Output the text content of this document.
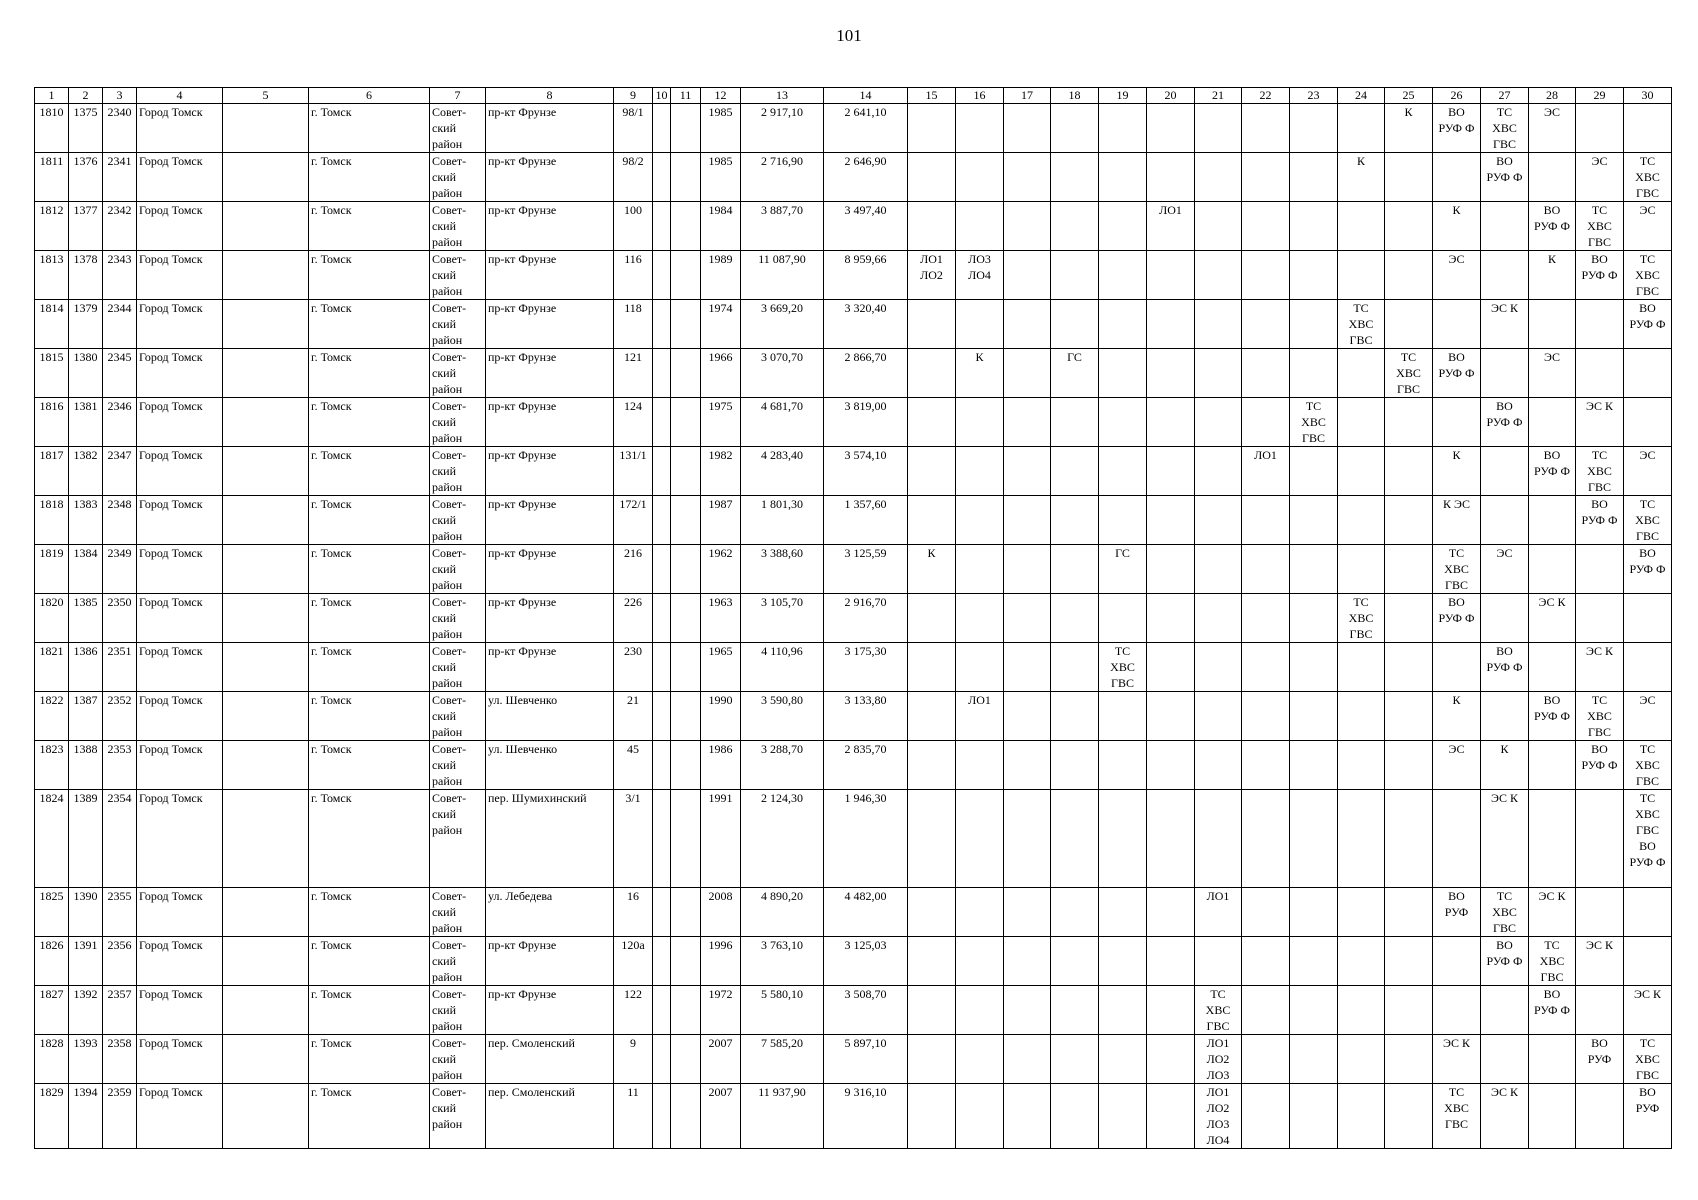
101
1	2	3	4	5	6	7	8	9	10	11	12	13	14	15	16	17	18	19	20	21	22	23	24	25	26	27	28	29	30
1810	1375	2340	Город Томск		г. Томск	Совет-
ский
район	пр-кт Фрунзе	98/1			1985	2 917,10	2 641,10											К	ВО
РУФ Ф	ТС
ХВС
ГВС	ЭС		
1811	1376	2341	Город Томск		г. Томск	Совет-
ский
район	пр-кт Фрунзе	98/2			1985	2 716,90	2 646,90										К			ВО
РУФ Ф		ЭС	ТС
ХВС
ГВС
1812	1377	2342	Город Томск		г. Томск	Совет-
ский
район	пр-кт Фрунзе	100			1984	3 887,70	3 497,40						ЛО1						К		ВО
РУФ Ф	ТС
ХВС
ГВС	ЭС
1813	1378	2343	Город Томск		г. Томск	Совет-
ский
район	пр-кт Фрунзе	116			1989	11 087,90	8 959,66	ЛО1
ЛО2	ЛО3
ЛО4										ЭС		К	ВО
РУФ Ф	ТС
ХВС
ГВС
1814	1379	2344	Город Томск		г. Томск	Совет-
ский
район	пр-кт Фрунзе	118			1974	3 669,20	3 320,40										ТС
ХВС
ГВС			ЭС К			ВО
РУФ Ф
1815	1380	2345	Город Томск		г. Томск	Совет-
ский
район	пр-кт Фрунзе	121			1966	3 070,70	2 866,70		К		ГС							ТС
ХВС
ГВС	ВО
РУФ Ф		ЭС		
1816	1381	2346	Город Томск		г. Томск	Совет-
ский
район	пр-кт Фрунзе	124			1975	4 681,70	3 819,00									ТС
ХВС
ГВС				ВО
РУФ Ф		ЭС К	
1817	1382	2347	Город Томск		г. Томск	Совет-
ский
район	пр-кт Фрунзе	131/1			1982	4 283,40	3 574,10								ЛО1				К		ВО
РУФ Ф	ТС
ХВС
ГВС	ЭС
1818	1383	2348	Город Томск		г. Томск	Совет-
ский
район	пр-кт Фрунзе	172/1			1987	1 801,30	1 357,60												К ЭС			ВО
РУФ Ф	ТС
ХВС
ГВС
1819	1384	2349	Город Томск		г. Томск	Совет-
ский
район	пр-кт Фрунзе	216			1962	3 388,60	3 125,59	К				ГС							ТС
ХВС
ГВС	ЭС			ВО
РУФ Ф
1820	1385	2350	Город Томск		г. Томск	Совет-
ский
район	пр-кт Фрунзе	226			1963	3 105,70	2 916,70										ТС
ХВС
ГВС		ВО
РУФ Ф		ЭС К		
1821	1386	2351	Город Томск		г. Томск	Совет-
ский
район	пр-кт Фрунзе	230			1965	4 110,96	3 175,30					ТС
ХВС
ГВС								ВО
РУФ Ф		ЭС К	
1822	1387	2352	Город Томск		г. Томск	Совет-
ский
район	ул. Шевченко	21			1990	3 590,80	3 133,80		ЛО1										К		ВО
РУФ Ф	ТС
ХВС
ГВС	ЭС
1823	1388	2353	Город Томск		г. Томск	Совет-
ский
район	ул. Шевченко	45			1986	3 288,70	2 835,70												ЭС	К		ВО
РУФ Ф	ТС
ХВС
ГВС
1824	1389	2354	Город Томск		г. Томск	Совет-
ский
район	пер. Шумихинский	3/1			1991	2 124,30	1 946,30													ЭС К			ТС
ХВС
ГВС
ВО
РУФ Ф
1825	1390	2355	Город Томск		г. Томск	Совет-
ский
район	ул. Лебедева	16			2008	4 890,20	4 482,00							ЛО1					ВО
РУФ	ТС
ХВС
ГВС	ЭС К		
1826	1391	2356	Город Томск		г. Томск	Совет-
ский
район	пр-кт Фрунзе	120а			1996	3 763,10	3 125,03													ВО
РУФ Ф	ТС
ХВС
ГВС	ЭС К	
1827	1392	2357	Город Томск		г. Томск	Совет-
ский
район	пр-кт Фрунзе	122			1972	5 580,10	3 508,70							ТС
ХВС
ГВС							ВО
РУФ Ф		ЭС К
1828	1393	2358	Город Томск		г. Томск	Совет-
ский
район	пер. Смоленский	9			2007	7 585,20	5 897,10							ЛО1
ЛО2
ЛО3					ЭС К			ВО
РУФ	ТС
ХВС
ГВС
1829	1394	2359	Город Томск		г. Томск	Совет-
ский
район	пер. Смоленский	11			2007	11 937,90	9 316,10							ЛО1
ЛО2
ЛО3
ЛО4					ТС
ХВС
ГВС	ЭС К			ВО
РУФ
